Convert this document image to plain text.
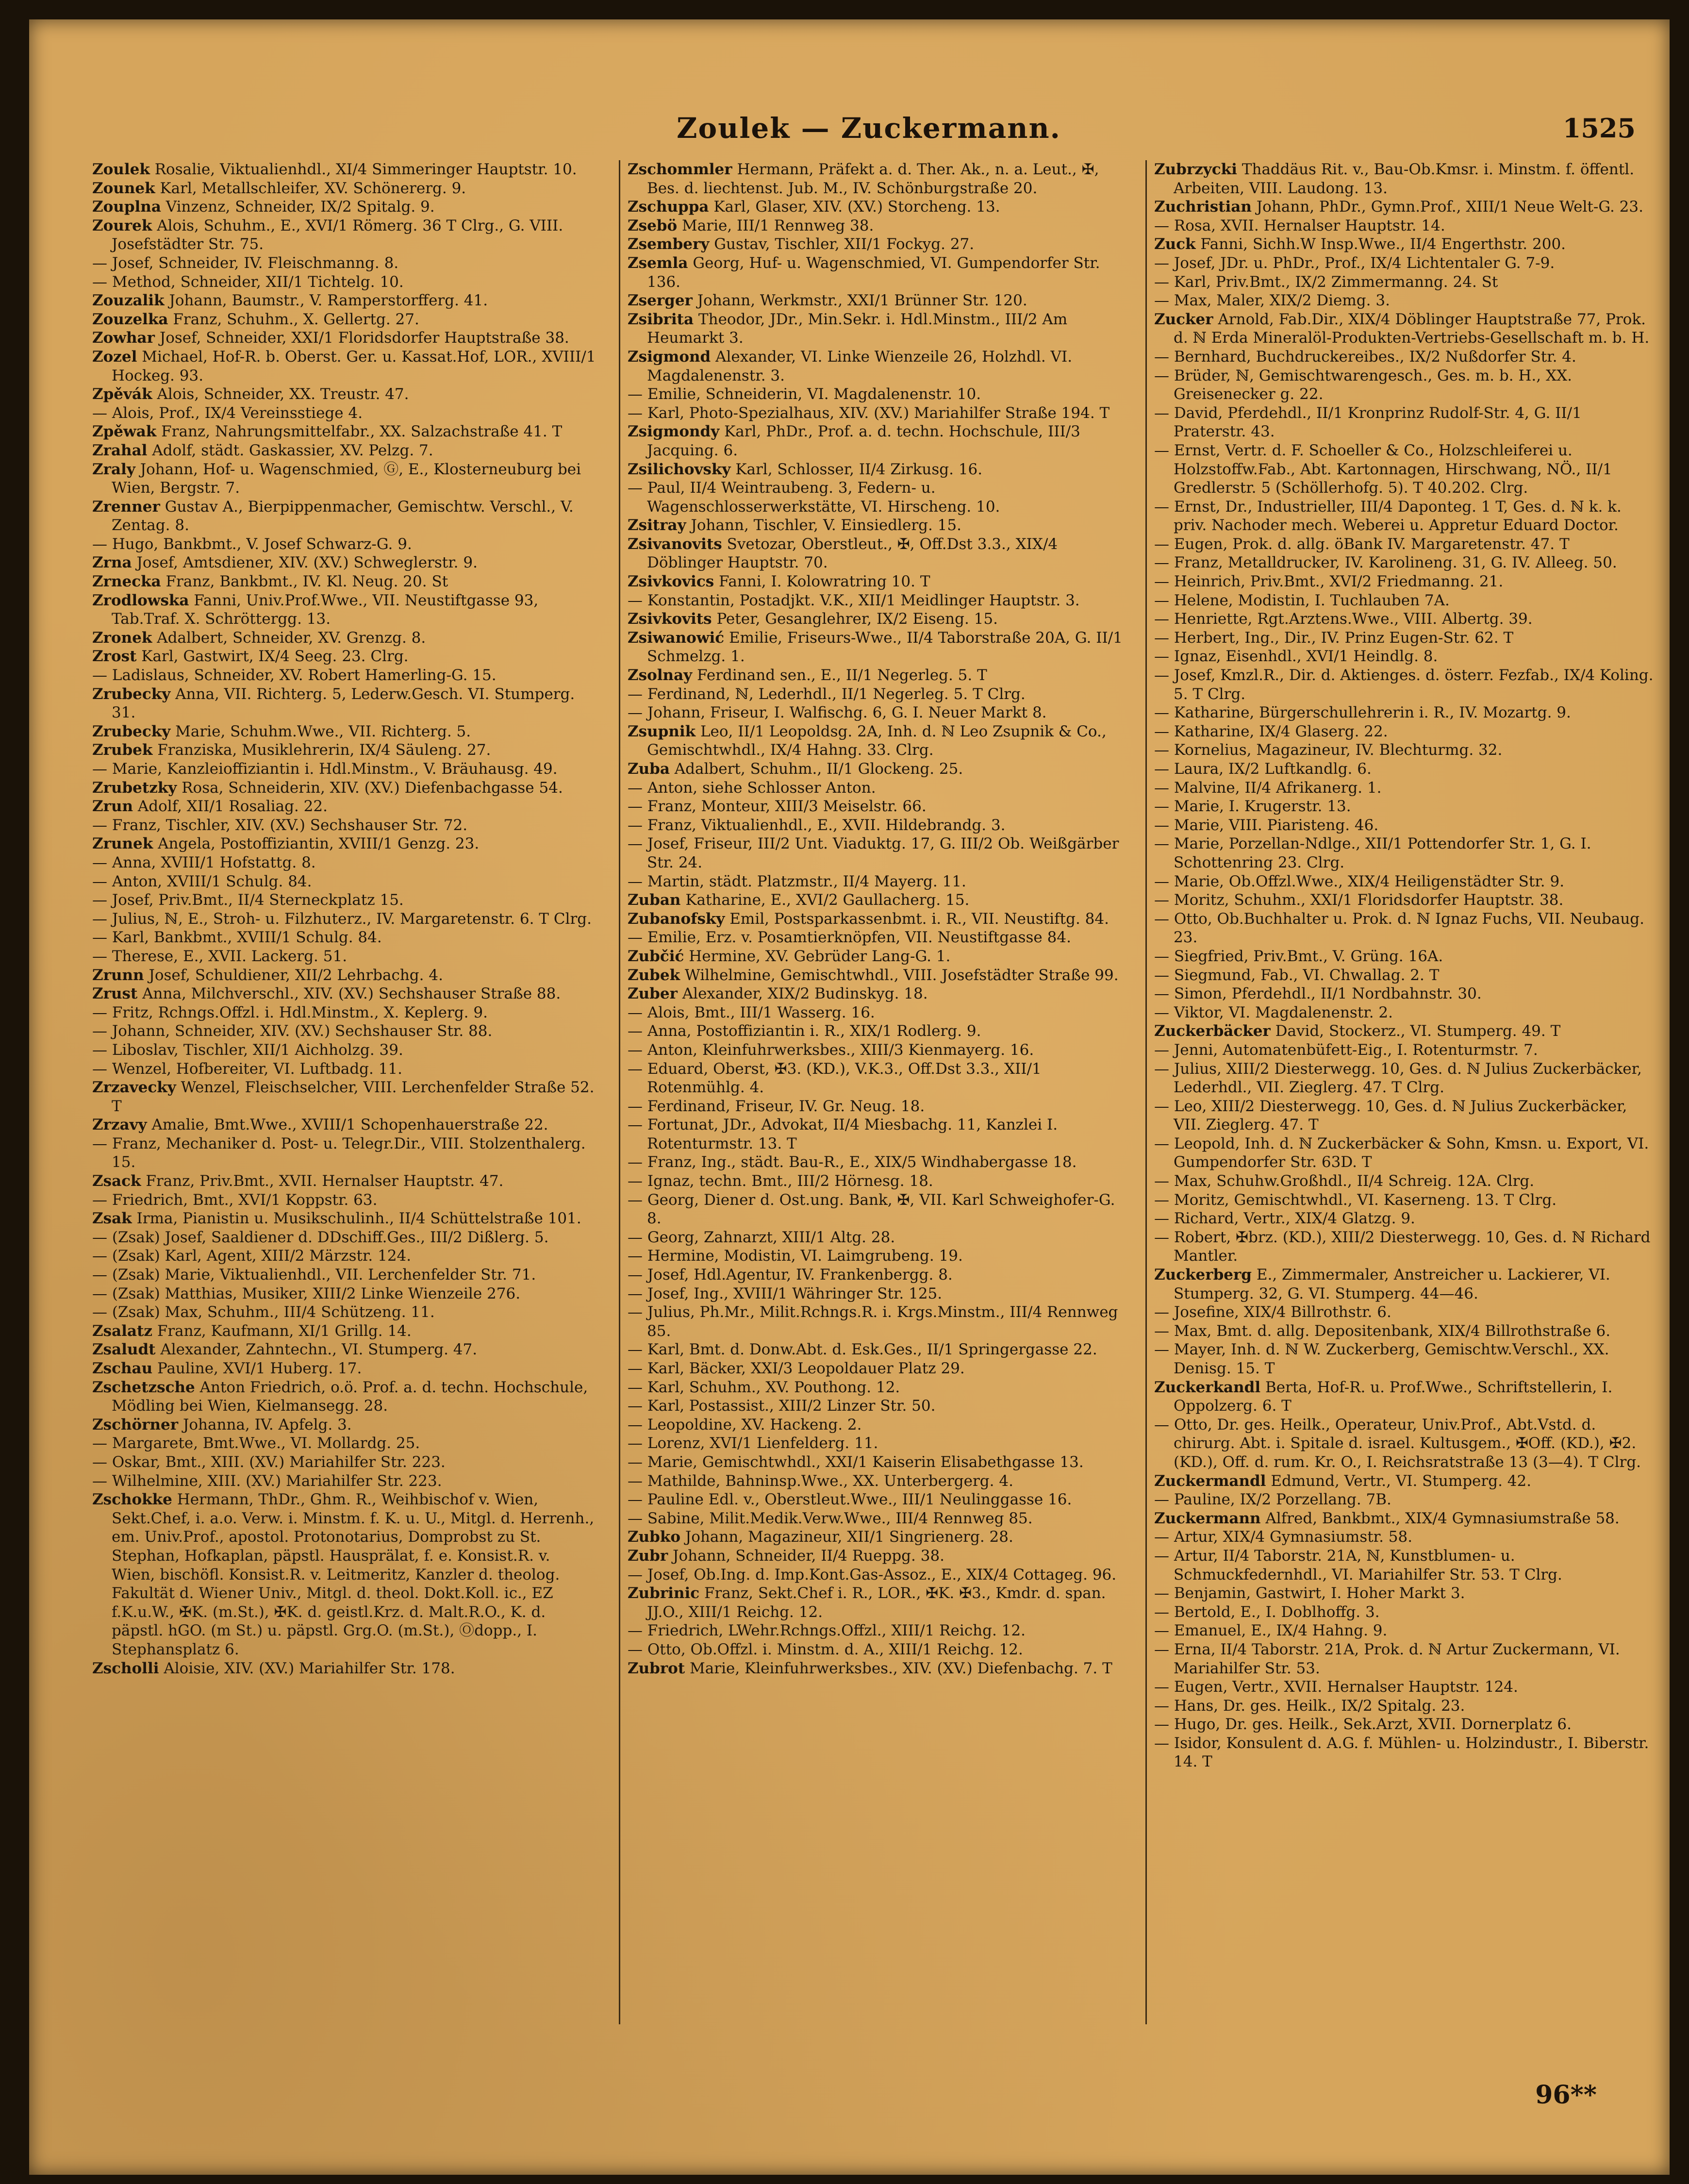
Zoulek — Zuckermann.	1525
Zoulek Rosalie, Viktualienhdl., XI/4 Simmeringer Hauptstr. 10.
Zounek Karl, Metallschleifer, XV. Schönererg. 9.
Zouplna Vinzenz, Schneider, IX/2 Spitalg. 9.
Zourek Alois, Schuhm., E., XVI/1 Römerg. 36 T Clrg., G. VIII. Josefstädter Str. 75.
— Josef, Schneider, IV. Fleischmanng. 8.
— Method, Schneider, XII/1 Tichtelg. 10.
Zouzalik Johann, Baumstr., V. Ramperstorfferg. 41.
Zouzelka Franz, Schuhm., X. Gellertg. 27.
Zowhar Josef, Schneider, XXI/1 Floridsdorfer Hauptstraße 38.
Zozel Michael, Hof-R. b. Oberst. Ger. u. Kassat.Hof, LOR., XVIII/1 Hockeg. 93.
Zpěvák Alois, Schneider, XX. Treustr. 47.
— Alois, Prof., IX/4 Vereinsstiege 4.
Zpěwak Franz, Nahrungsmittelfabr., XX. Salzachstraße 41. T
Zrahal Adolf, städt. Gaskassier, XV. Pelzg. 7.
Zraly Johann, Hof- u. Wagenschmied, Ⓖ, E., Klosterneuburg bei Wien, Bergstr. 7.
Zrenner Gustav A., Bierpippenmacher, Gemischtw. Verschl., V. Zentag. 8.
— Hugo, Bankbmt., V. Josef Schwarz-G. 9.
Zrna Josef, Amtsdiener, XIV. (XV.) Schweglerstr. 9.
Zrnecka Franz, Bankbmt., IV. Kl. Neug. 20. St
Zrodlowska Fanni, Univ.Prof.Wwe., VII. Neustiftgasse 93, Tab.Traf. X. Schröttergg. 13.
Zronek Adalbert, Schneider, XV. Grenzg. 8.
Zrost Karl, Gastwirt, IX/4 Seeg. 23. Clrg.
— Ladislaus, Schneider, XV. Robert Hamerling-G. 15.
Zrubecky Anna, VII. Richterg. 5, Lederw.Gesch. VI. Stumperg. 31.
Zrubecky Marie, Schuhm.Wwe., VII. Richterg. 5.
Zrubek Franziska, Musiklehrerin, IX/4 Säuleng. 27.
— Marie, Kanzleioffiziantin i. Hdl.Minstm., V. Bräuhausg. 49.
Zrubetzky Rosa, Schneiderin, XIV. (XV.) Diefenbachgasse 54.
Zrun Adolf, XII/1 Rosaliag. 22.
— Franz, Tischler, XIV. (XV.) Sechshauser Str. 72.
Zrunek Angela, Postoffiziantin, XVIII/1 Genzg. 23.
— Anna, XVIII/1 Hofstattg. 8.
— Anton, XVIII/1 Schulg. 84.
— Josef, Priv.Bmt., II/4 Sterneckplatz 15.
— Julius, ℕ, E., Stroh- u. Filzhuterz., IV. Margaretenstr. 6. T Clrg.
— Karl, Bankbmt., XVIII/1 Schulg. 84.
— Therese, E., XVII. Lackerg. 51.
Zrunn Josef, Schuldiener, XII/2 Lehrbachg. 4.
Zrust Anna, Milchverschl., XIV. (XV.) Sechshauser Straße 88.
— Fritz, Rchngs.Offzl. i. Hdl.Minstm., X. Keplerg. 9.
— Johann, Schneider, XIV. (XV.) Sechshauser Str. 88.
— Liboslav, Tischler, XII/1 Aichholzg. 39.
— Wenzel, Hofbereiter, VI. Luftbadg. 11.
Zrzavecky Wenzel, Fleischselcher, VIII. Lerchenfelder Straße 52. T
Zrzavy Amalie, Bmt.Wwe., XVIII/1 Schopenhauerstraße 22.
— Franz, Mechaniker d. Post- u. Telegr.Dir., VIII. Stolzenthalerg. 15.
Zsack Franz, Priv.Bmt., XVII. Hernalser Hauptstr. 47.
— Friedrich, Bmt., XVI/1 Koppstr. 63.
Zsak Irma, Pianistin u. Musikschulinh., II/4 Schüttelstraße 101.
— (Zsak) Josef, Saaldiener d. DDschiff.Ges., III/2 Dißlerg. 5.
— (Zsak) Karl, Agent, XIII/2 Märzstr. 124.
— (Zsak) Marie, Viktualienhdl., VII. Lerchenfelder Str. 71.
— (Zsak) Matthias, Musiker, XIII/2 Linke Wienzeile 276.
— (Zsak) Max, Schuhm., III/4 Schützeng. 11.
Zsalatz Franz, Kaufmann, XI/1 Grillg. 14.
Zsaludt Alexander, Zahntechn., VI. Stumperg. 47.
Zschau Pauline, XVI/1 Huberg. 17.
Zschetzsche Anton Friedrich, o.ö. Prof. a. d. techn. Hochschule, Mödling bei Wien, Kielmansegg. 28.
Zschörner Johanna, IV. Apfelg. 3.
— Margarete, Bmt.Wwe., VI. Mollardg. 25.
— Oskar, Bmt., XIII. (XV.) Mariahilfer Str. 223.
— Wilhelmine, XIII. (XV.) Mariahilfer Str. 223.
Zschokke Hermann, ThDr., Ghm. R., Weihbischof v. Wien, Sekt.Chef, i. a.o. Verw. i. Minstm. f. K. u. U., Mitgl. d. Herrenh., em. Univ.Prof., apostol. Protonotarius, Domprobst zu St. Stephan, Hofkaplan, päpstl. Hausprälat, f. e. Konsist.R. v. Wien, bischöfl. Konsist.R. v. Leitmeritz, Kanzler d. theolog. Fakultät d. Wiener Univ., Mitgl. d. theol. Dokt.Koll. ic., EZ f.K.u.W., ✠K. (m.St.), ✠K. d. geistl.Krz. d. Malt.R.O., K. d. päpstl. hGO. (m St.) u. päpstl. Grg.O. (m.St.), Ⓞdopp., I. Stephansplatz 6.
Zscholli Aloisie, XIV. (XV.) Mariahilfer Str. 178.
Zschommler Hermann, Präfekt a. d. Ther. Ak., n. a. Leut., ✠, Bes. d. liechtenst. Jub. M., IV. Schönburgstraße 20.
Zschuppa Karl, Glaser, XIV. (XV.) Storcheng. 13.
Zsebö Marie, III/1 Rennweg 38.
Zsembery Gustav, Tischler, XII/1 Fockyg. 27.
Zsemla Georg, Huf- u. Wagenschmied, VI. Gumpendorfer Str. 136.
Zserger Johann, Werkmstr., XXI/1 Brünner Str. 120.
Zsibrita Theodor, JDr., Min.Sekr. i. Hdl.Minstm., III/2 Am Heumarkt 3.
Zsigmond Alexander, VI. Linke Wienzeile 26, Holzhdl. VI. Magdalenenstr. 3.
— Emilie, Schneiderin, VI. Magdalenenstr. 10.
— Karl, Photo-Spezialhaus, XIV. (XV.) Mariahilfer Straße 194. T
Zsigmondy Karl, PhDr., Prof. a. d. techn. Hochschule, III/3 Jacquing. 6.
Zsilichovsky Karl, Schlosser, II/4 Zirkusg. 16.
— Paul, II/4 Weintraubeng. 3, Federn- u. Wagenschlosserwerkstätte, VI. Hirscheng. 10.
Zsitray Johann, Tischler, V. Einsiedlerg. 15.
Zsivanovits Svetozar, Oberstleut., ✠, Off.Dst 3.3., XIX/4 Döblinger Hauptstr. 70.
Zsivkovics Fanni, I. Kolowratring 10. T
— Konstantin, Postadjkt. V.K., XII/1 Meidlinger Hauptstr. 3.
Zsivkovits Peter, Gesanglehrer, IX/2 Eiseng. 15.
Zsiwanowić Emilie, Friseurs-Wwe., II/4 Taborstraße 20A, G. II/1 Schmelzg. 1.
Zsolnay Ferdinand sen., E., II/1 Negerleg. 5. T
— Ferdinand, ℕ, Lederhdl., II/1 Negerleg. 5. T Clrg.
— Johann, Friseur, I. Walfischg. 6, G. I. Neuer Markt 8.
Zsupnik Leo, II/1 Leopoldsg. 2A, Inh. d. ℕ Leo Zsupnik & Co., Gemischtwhdl., IX/4 Hahng. 33. Clrg.
Zuba Adalbert, Schuhm., II/1 Glockeng. 25.
— Anton, siehe Schlosser Anton.
— Franz, Monteur, XIII/3 Meiselstr. 66.
— Franz, Viktualienhdl., E., XVII. Hildebrandg. 3.
— Josef, Friseur, III/2 Unt. Viaduktg. 17, G. III/2 Ob. Weißgärber Str. 24.
— Martin, städt. Platzmstr., II/4 Mayerg. 11.
Zuban Katharine, E., XVI/2 Gaullacherg. 15.
Zubanofsky Emil, Postsparkassenbmt. i. R., VII. Neustiftg. 84.
— Emilie, Erz. v. Posamtierknöpfen, VII. Neustiftgasse 84.
Zubčić Hermine, XV. Gebrüder Lang-G. 1.
Zubek Wilhelmine, Gemischtwhdl., VIII. Josefstädter Straße 99.
Zuber Alexander, XIX/2 Budinskyg. 18.
— Alois, Bmt., III/1 Wasserg. 16.
— Anna, Postoffiziantin i. R., XIX/1 Rodlerg. 9.
— Anton, Kleinfuhrwerksbes., XIII/3 Kienmayerg. 16.
— Eduard, Oberst, ✠3. (KD.), V.K.3., Off.Dst 3.3., XII/1 Rotenmühlg. 4.
— Ferdinand, Friseur, IV. Gr. Neug. 18.
— Fortunat, JDr., Advokat, II/4 Miesbachg. 11, Kanzlei I. Rotenturmstr. 13. T
— Franz, Ing., städt. Bau-R., E., XIX/5 Windhabergasse 18.
— Ignaz, techn. Bmt., III/2 Hörnesg. 18.
— Georg, Diener d. Ost.ung. Bank, ✠, VII. Karl Schweighofer-G. 8.
— Georg, Zahnarzt, XIII/1 Altg. 28.
— Hermine, Modistin, VI. Laimgrubeng. 19.
— Josef, Hdl.Agentur, IV. Frankenbergg. 8.
— Josef, Ing., XVIII/1 Währinger Str. 125.
— Julius, Ph.Mr., Milit.Rchngs.R. i. Krgs.Minstm., III/4 Rennweg 85.
— Karl, Bmt. d. Donw.Abt. d. Esk.Ges., II/1 Springergasse 22.
— Karl, Bäcker, XXI/3 Leopoldauer Platz 29.
— Karl, Schuhm., XV. Pouthong. 12.
— Karl, Postassist., XIII/2 Linzer Str. 50.
— Leopoldine, XV. Hackeng. 2.
— Lorenz, XVI/1 Lienfelderg. 11.
— Marie, Gemischtwhdl., XXI/1 Kaiserin Elisabethgasse 13.
— Mathilde, Bahninsp.Wwe., XX. Unterbergerg. 4.
— Pauline Edl. v., Oberstleut.Wwe., III/1 Neulinggasse 16.
— Sabine, Milit.Medik.Verw.Wwe., III/4 Rennweg 85.
Zubko Johann, Magazineur, XII/1 Singrienerg. 28.
Zubr Johann, Schneider, II/4 Rueppg. 38.
— Josef, Ob.Ing. d. Imp.Kont.Gas-Assoz., E., XIX/4 Cottageg. 96.
Zubrinic Franz, Sekt.Chef i. R., LOR., ✠K. ✠3., Kmdr. d. span. JJ.O., XIII/1 Reichg. 12.
— Friedrich, LWehr.Rchngs.Offzl., XIII/1 Reichg. 12.
— Otto, Ob.Offzl. i. Minstm. d. A., XIII/1 Reichg. 12.
Zubrot Marie, Kleinfuhrwerksbes., XIV. (XV.) Diefenbachg. 7. T
Zubrzycki Thaddäus Rit. v., Bau-Ob.Kmsr. i. Minstm. f. öffentl. Arbeiten, VIII. Laudong. 13.
Zuchristian Johann, PhDr., Gymn.Prof., XIII/1 Neue Welt-G. 23.
— Rosa, XVII. Hernalser Hauptstr. 14.
Zuck Fanni, Sichh.W Insp.Wwe., II/4 Engerthstr. 200.
— Josef, JDr. u. PhDr., Prof., IX/4 Lichtentaler G. 7-9.
— Karl, Priv.Bmt., IX/2 Zimmermanng. 24. St
— Max, Maler, XIX/2 Diemg. 3.
Zucker Arnold, Fab.Dir., XIX/4 Döblinger Hauptstraße 77, Prok. d. ℕ Erda Mineralöl-Produkten-Vertriebs-Gesellschaft m. b. H.
— Bernhard, Buchdruckereibes., IX/2 Nußdorfer Str. 4.
— Brüder, ℕ, Gemischtwarengesch., Ges. m. b. H., XX. Greisenecker g. 22.
— David, Pferdehdl., II/1 Kronprinz Rudolf-Str. 4, G. II/1 Praterstr. 43.
— Ernst, Vertr. d. F. Schoeller & Co., Holzschleiferei u. Holzstoffw.Fab., Abt. Kartonnagen, Hirschwang, NÖ., II/1 Gredlerstr. 5 (Schöllerhofg. 5). T 40.202. Clrg.
— Ernst, Dr., Industrieller, III/4 Daponteg. 1 T, Ges. d. ℕ k. k. priv. Nachoder mech. Weberei u. Appretur Eduard Doctor.
— Eugen, Prok. d. allg. öBank IV. Margaretenstr. 47. T
— Franz, Metalldrucker, IV. Karolineng. 31, G. IV. Alleeg. 50.
— Heinrich, Priv.Bmt., XVI/2 Friedmanng. 21.
— Helene, Modistin, I. Tuchlauben 7A.
— Henriette, Rgt.Arztens.Wwe., VIII. Albertg. 39.
— Herbert, Ing., Dir., IV. Prinz Eugen-Str. 62. T
— Ignaz, Eisenhdl., XVI/1 Heindlg. 8.
— Josef, Kmzl.R., Dir. d. Aktienges. d. österr. Fezfab., IX/4 Koling. 5. T Clrg.
— Katharine, Bürgerschullehrerin i. R., IV. Mozartg. 9.
— Katharine, IX/4 Glaserg. 22.
— Kornelius, Magazineur, IV. Blechturmg. 32.
— Laura, IX/2 Luftkandlg. 6.
— Malvine, II/4 Afrikanerg. 1.
— Marie, I. Krugerstr. 13.
— Marie, VIII. Piaristeng. 46.
— Marie, Porzellan-Ndlge., XII/1 Pottendorfer Str. 1, G. I. Schottenring 23. Clrg.
— Marie, Ob.Offzl.Wwe., XIX/4 Heiligenstädter Str. 9.
— Moritz, Schuhm., XXI/1 Floridsdorfer Hauptstr. 38.
— Otto, Ob.Buchhalter u. Prok. d. ℕ Ignaz Fuchs, VII. Neubaug. 23.
— Siegfried, Priv.Bmt., V. Grüng. 16A.
— Siegmund, Fab., VI. Chwallag. 2. T
— Simon, Pferdehdl., II/1 Nordbahnstr. 30.
— Viktor, VI. Magdalenenstr. 2.
Zuckerbäcker David, Stockerz., VI. Stumperg. 49. T
— Jenni, Automatenbüfett-Eig., I. Rotenturmstr. 7.
— Julius, XIII/2 Diesterwegg. 10, Ges. d. ℕ Julius Zuckerbäcker, Lederhdl., VII. Zieglerg. 47. T Clrg.
— Leo, XIII/2 Diesterwegg. 10, Ges. d. ℕ Julius Zuckerbäcker, VII. Zieglerg. 47. T
— Leopold, Inh. d. ℕ Zuckerbäcker & Sohn, Kmsn. u. Export, VI. Gumpendorfer Str. 63D. T
— Max, Schuhw.Großhdl., II/4 Schreig. 12A. Clrg.
— Moritz, Gemischtwhdl., VI. Kaserneng. 13. T Clrg.
— Richard, Vertr., XIX/4 Glatzg. 9.
— Robert, ✠brz. (KD.), XIII/2 Diesterwegg. 10, Ges. d. ℕ Richard Mantler.
Zuckerberg E., Zimmermaler, Anstreicher u. Lackierer, VI. Stumperg. 32, G. VI. Stumperg. 44—46.
— Josefine, XIX/4 Billrothstr. 6.
— Max, Bmt. d. allg. Depositenbank, XIX/4 Billrothstraße 6.
— Mayer, Inh. d. ℕ W. Zuckerberg, Gemischtw.Verschl., XX. Denisg. 15. T
Zuckerkandl Berta, Hof-R. u. Prof.Wwe., Schriftstellerin, I. Oppolzerg. 6. T
— Otto, Dr. ges. Heilk., Operateur, Univ.Prof., Abt.Vstd. d. chirurg. Abt. i. Spitale d. israel. Kultusgem., ✠Off. (KD.), ✠2. (KD.), Off. d. rum. Kr. O., I. Reichsratstraße 13 (3—4). T Clrg.
Zuckermandl Edmund, Vertr., VI. Stumperg. 42.
— Pauline, IX/2 Porzellang. 7B.
Zuckermann Alfred, Bankbmt., XIX/4 Gymnasiumstraße 58.
— Artur, XIX/4 Gymnasiumstr. 58.
— Artur, II/4 Taborstr. 21A, ℕ, Kunstblumen- u. Schmuckfedernhdl., VI. Mariahilfer Str. 53. T Clrg.
— Benjamin, Gastwirt, I. Hoher Markt 3.
— Bertold, E., I. Doblhoffg. 3.
— Emanuel, E., IX/4 Hahng. 9.
— Erna, II/4 Taborstr. 21A, Prok. d. ℕ Artur Zuckermann, VI. Mariahilfer Str. 53.
— Eugen, Vertr., XVII. Hernalser Hauptstr. 124.
— Hans, Dr. ges. Heilk., IX/2 Spitalg. 23.
— Hugo, Dr. ges. Heilk., Sek.Arzt, XVII. Dornerplatz 6.
— Isidor, Konsulent d. A.G. f. Mühlen- u. Holzindustr., I. Biberstr. 14. T
96**
